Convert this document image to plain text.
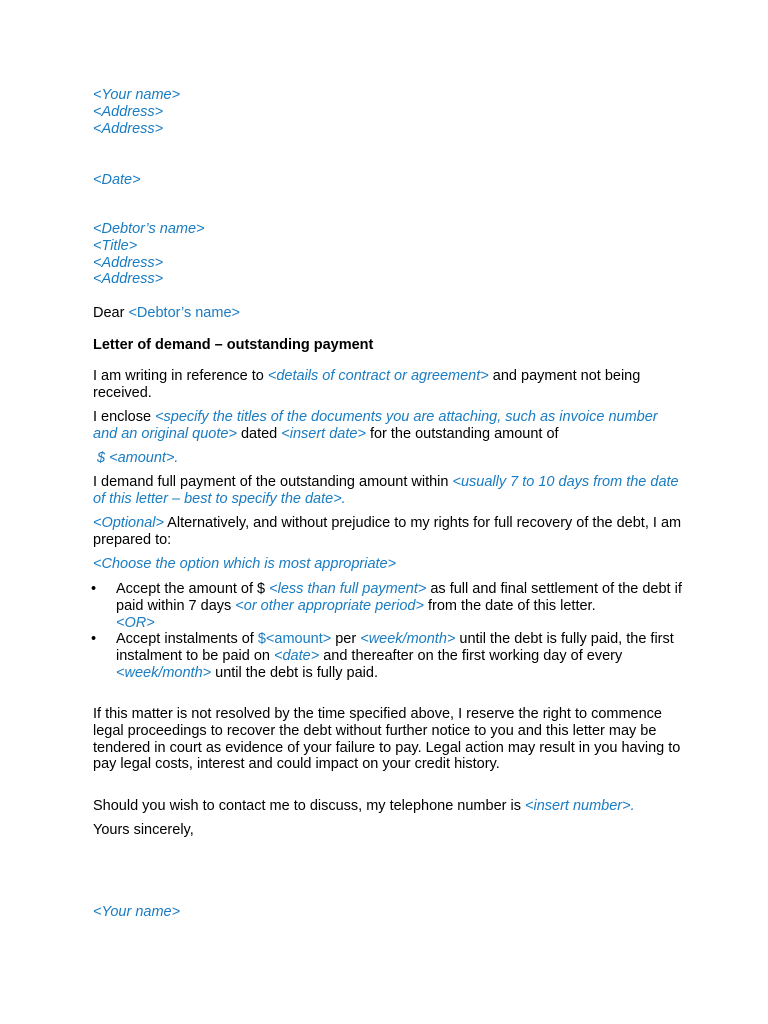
<Your name>
<Address>
<Address>
<Date>
<Debtor’s name>
<Title>
<Address>
<Address>
Dear <Debtor’s name>
Letter of demand – outstanding payment

I am writing in reference to <details of contract or agreement> and payment not being received.

I enclose <specify the titles of the documents you are attaching, such as invoice number and an original quote> dated <insert date> for the outstanding amount of

$ <amount>.

I demand full payment of the outstanding amount within <usually 7 to 10 days from the date of this letter – best to specify the date>.

<Optional> Alternatively, and without prejudice to my rights for full recovery of the debt, I am prepared to:

<Choose the option which is most appropriate>
• Accept the amount of $ <less than full payment> as full and final settlement of the debt if paid within 7 days <or other appropriate period> from the date of this letter.
<OR>
• Accept instalments of $<amount> per <week/month> until the debt is fully paid, the first instalment to be paid on <date> and thereafter on the first working day of every <week/month> until the debt is fully paid.

If this matter is not resolved by the time specified above, I reserve the right to commence legal proceedings to recover the debt without further notice to you and this letter may be tendered in court as evidence of your failure to pay. Legal action may result in you having to pay legal costs, interest and could impact on your credit history.

Should you wish to contact me to discuss, my telephone number is <insert number>.

Yours sincerely,
<Your name>
